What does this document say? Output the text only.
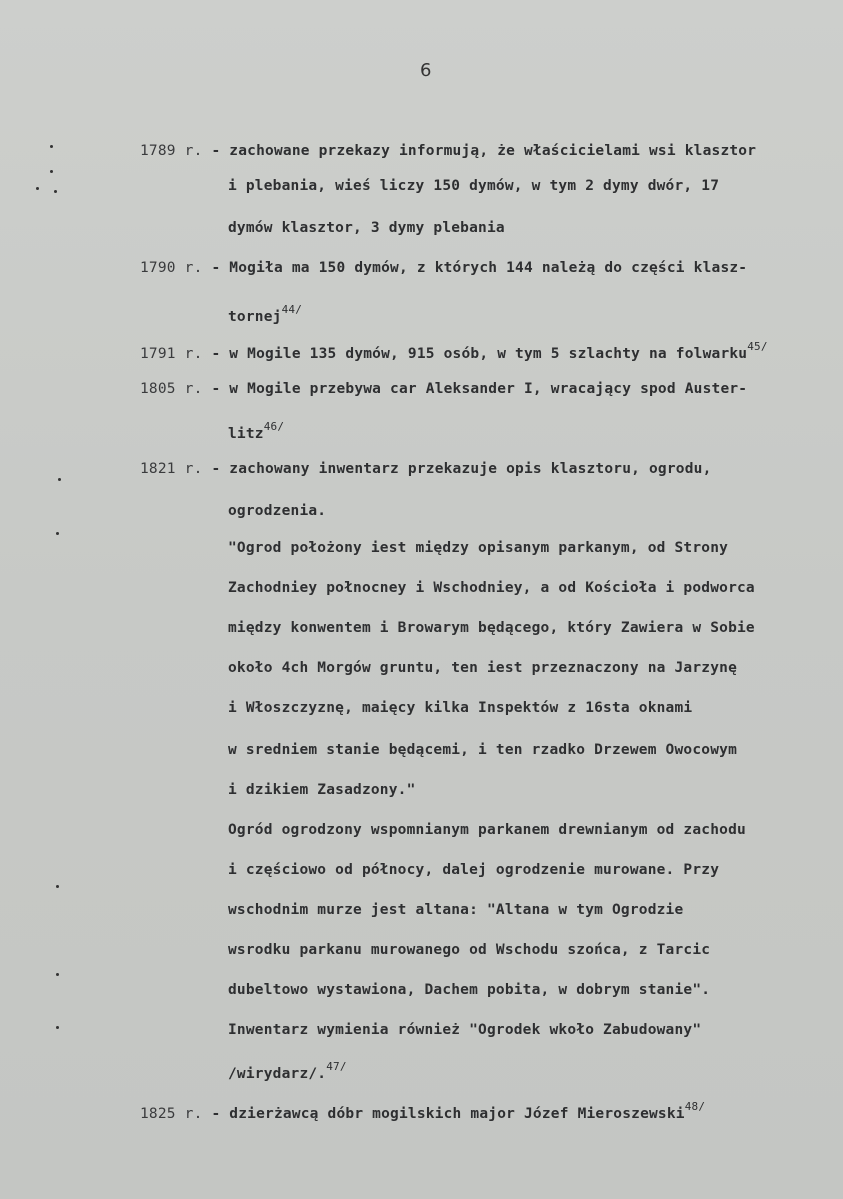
6
1789 r. - zachowane przekazy informują, że właścicielami wsi klasztor
i plebania, wieś liczy 150 dymów, w tym 2 dymy dwór, 17
dymów klasztor, 3 dymy plebania
1790 r. - Mogiła ma 150 dymów, z których 144 należą do części klasz-
tornej$^{44/}$
1791 r. - w Mogile 135 dymów, 915 osób, w tym 5 szlachty na folwarku$^{45/}$
1805 r. - w Mogile przebywa car Aleksander I, wracający spod Auster-
litz$^{46/}$
1821 r. - zachowany inwentarz przekazuje opis klasztoru, ogrodu,
ogrodzenia.
"Ogrod położony iest między opisanym parkanym, od Strony
Zachodniey połnocney i Wschodniey, a od Kościoła i podworca
między konwentem i Browarym będącego, który Zawiera w Sobie
około 4ch Morgów gruntu, ten iest przeznaczony na Jarzynę
i Włoszczyznę, maięcy kilka Inspektów z 16sta oknami
w sredniem stanie będącemi, i ten rzadko Drzewem Owocowym
i dzikiem Zasadzony."
Ogród ogrodzony wspomnianym parkanem drewnianym od zachodu
i częściowo od północy, dalej ogrodzenie murowane. Przy
wschodnim murze jest altana: "Altana w tym Ogrodzie
wsrodku parkanu murowanego od Wschodu szońca, z Tarcic
dubeltowo wystawiona, Dachem pobita, w dobrym stanie".
Inwentarz wymienia również "Ogrodek wkoło Zabudowany"
/wirydarz/.$^{47/}$
1825 r. - dzierżawcą dóbr mogilskich major Józef Mieroszewski$^{48/}$
